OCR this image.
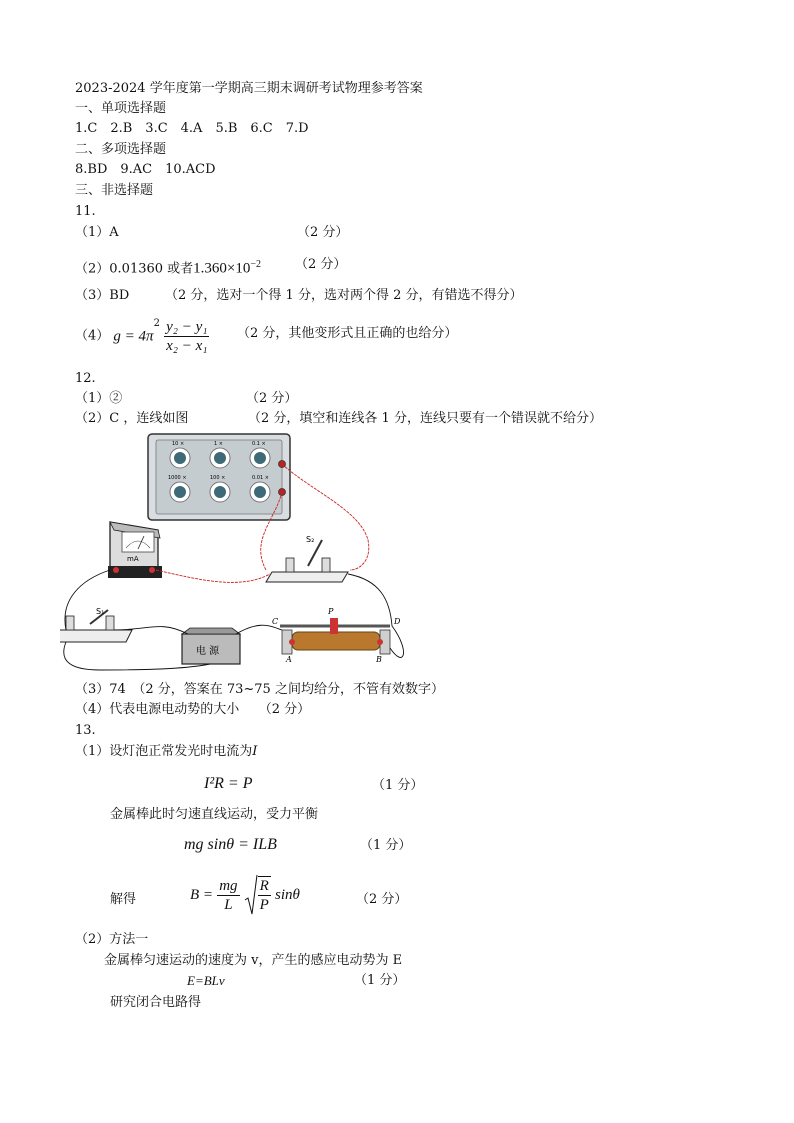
2023-2024 学年度第一学期高三期末调研考试物理参考答案
一、单项选择题
1.C　2.B　3.C　4.A　5.B　6.C　7.D
二、多项选择题
8.BD　9.AC　10.ACD
三、非选择题
11.
（1）A	（2 分）
（2）0.01360 或者$1.360\times 10^{-2}$	（2 分）
（3）BD	（2 分，选对一个得 1 分，选对两个得 2 分，有错选不得分）
（4） $g = 4\pi^2 \frac{\text{y₂ − y₁}}{\text{x₂ − x₁}} (2$ 分，其他变形式且正确的也给分）
12.
（1）②	（2 分）
（2）C ，连线如图	（2 分，填空和连线各 1 分，连线只要有一个错误就不给分）
10 ×	1 ×	0.1 ×
1000 ×	100 ×	0.01 ×
mA
S₂
S₁
电 源
P
C	D
A	B
（3）74　（2 分，答案在 73~75 之间均给分，不管有效数字）
（4）代表电源电动势的大小　　（2 分）
13.
（1）设灯泡正常发光时电流为I
I²R = P	（1 分）
金属棒此时匀速直线运动，受力平衡
mg sinθ = ILB	（1 分）
解得	$B = \frac{mg}{L}$
$\frac{R}{P}$ sinθ	（2 分）
（2）方法一
金属棒匀速运动的速度为 v，产生的感应电动势为 E
E=BLv	（1 分）
研究闭合电路得
